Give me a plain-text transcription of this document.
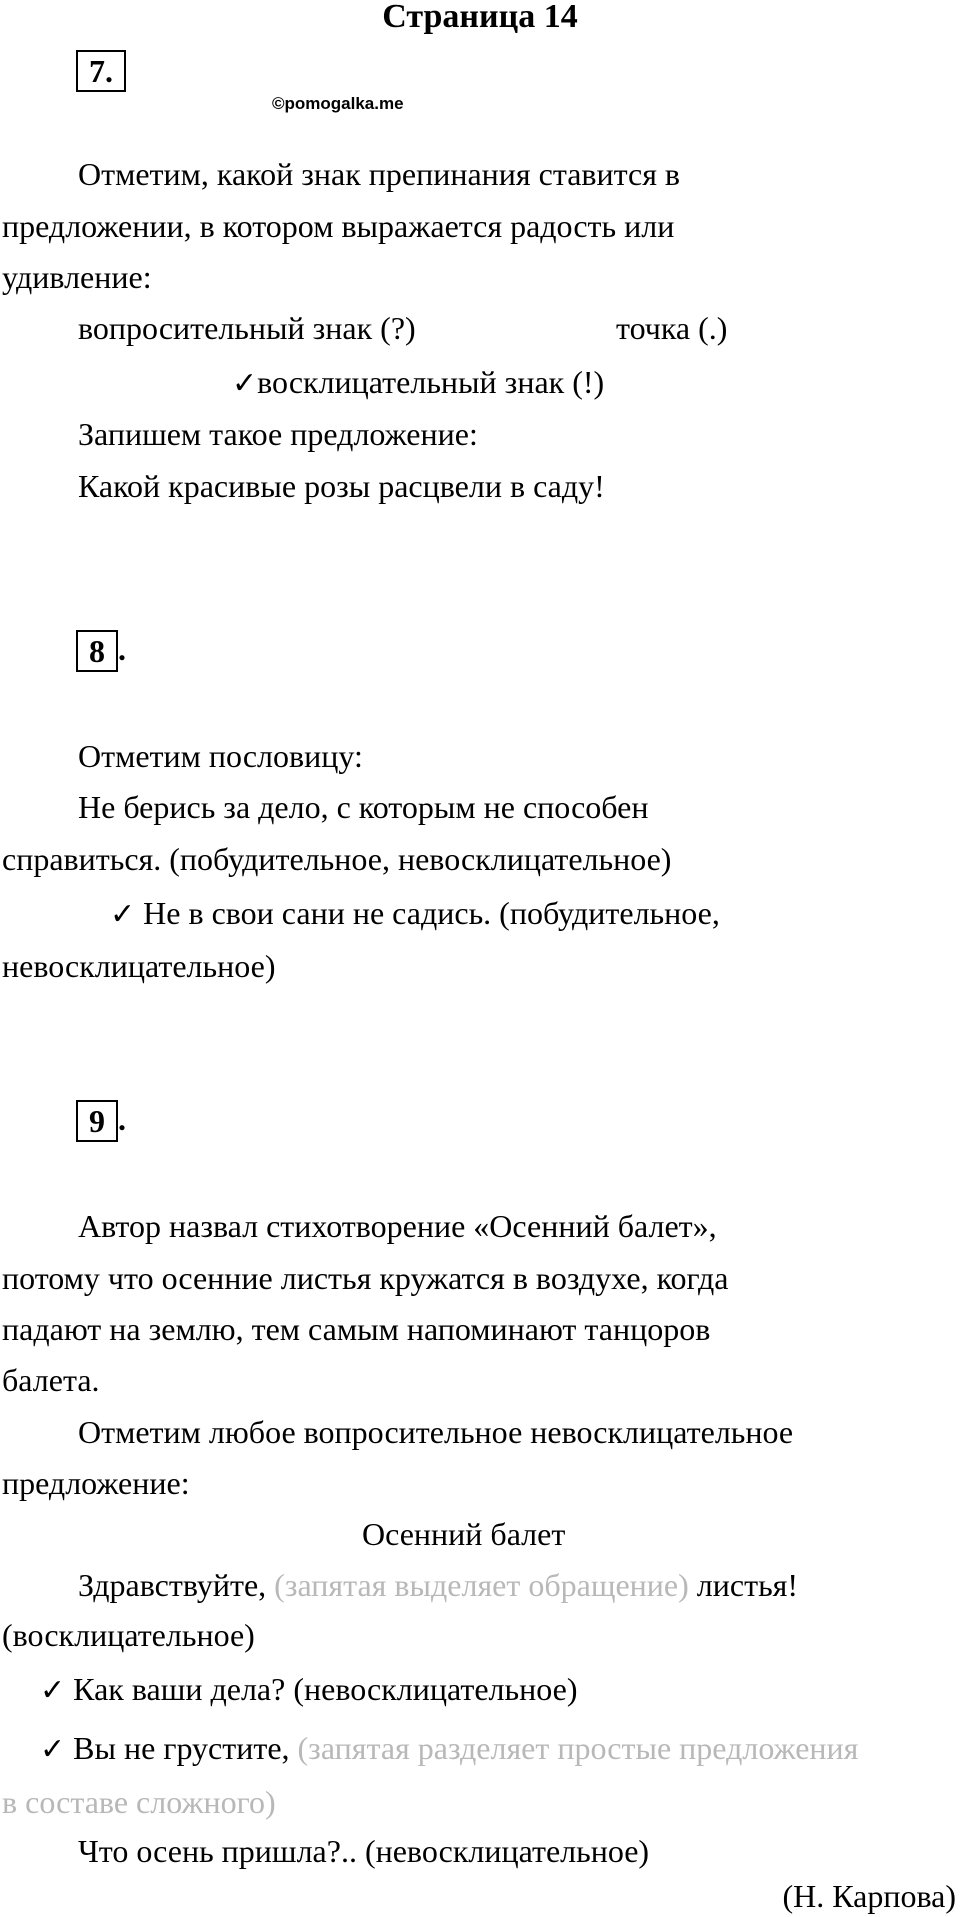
Страница 14
7.
©pomogalka.me
Отметим, какой знак препинания ставится в
предложении, в котором выражается радость или
удивление:
вопросительный знак (?)	точка (.)
✓восклицательный знак (!)
Запишем такое предложение:
Какой красивые розы расцвели в саду!
8 .
Отметим пословицу:
Не берись за дело, с которым не способен
справиться. (побудительное, невосклицательное)
✓ Не в свои сани не садись. (побудительное,
невосклицательное)
9 .
Автор назвал стихотворение «Осенний балет»,
потому что осенние листья кружатся в воздухе, когда
падают на землю, тем самым напоминают танцоров
балета.
Отметим любое вопросительное невосклицательное
предложение:
Осенний балет
Здравствуйте, (запятая выделяет обращение) листья!
(восклицательное)
✓ Как ваши дела? (невосклицательное)
✓ Вы не грустите, (запятая разделяет простые предложения
в составе сложного)
Что осень пришла?.. (невосклицательное)
(Н. Карпова)
